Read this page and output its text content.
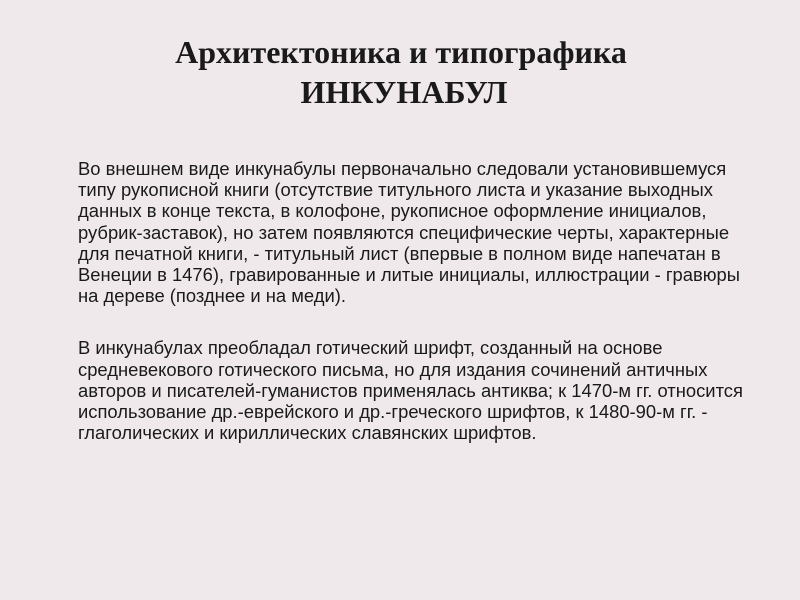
Архитектоника и типографика
ИНКУНАБУЛ

Во внешнем виде инкунабулы первоначально следовали установившемуся типу рукописной книги (отсутствие титульного листа и указание выходных данных в конце текста, в колофоне, рукописное оформление инициалов, рубрик-заставок), но затем появляются специфические черты, характерные для печатной книги, - титульный лист (впервые в полном виде напечатан в Венеции в 1476), гравированные и литые инициалы, иллюстрации - гравюры на дереве (позднее и на меди).

В инкунабулах преобладал готический шрифт, созданный на основе средневекового готического письма, но для издания сочинений античных авторов и писателей-гуманистов применялась антиква; к 1470-м гг. относится использование др.-еврейского и др.-греческого шрифтов, к 1480-90-м гг. - глаголических и кириллических славянских шрифтов.
